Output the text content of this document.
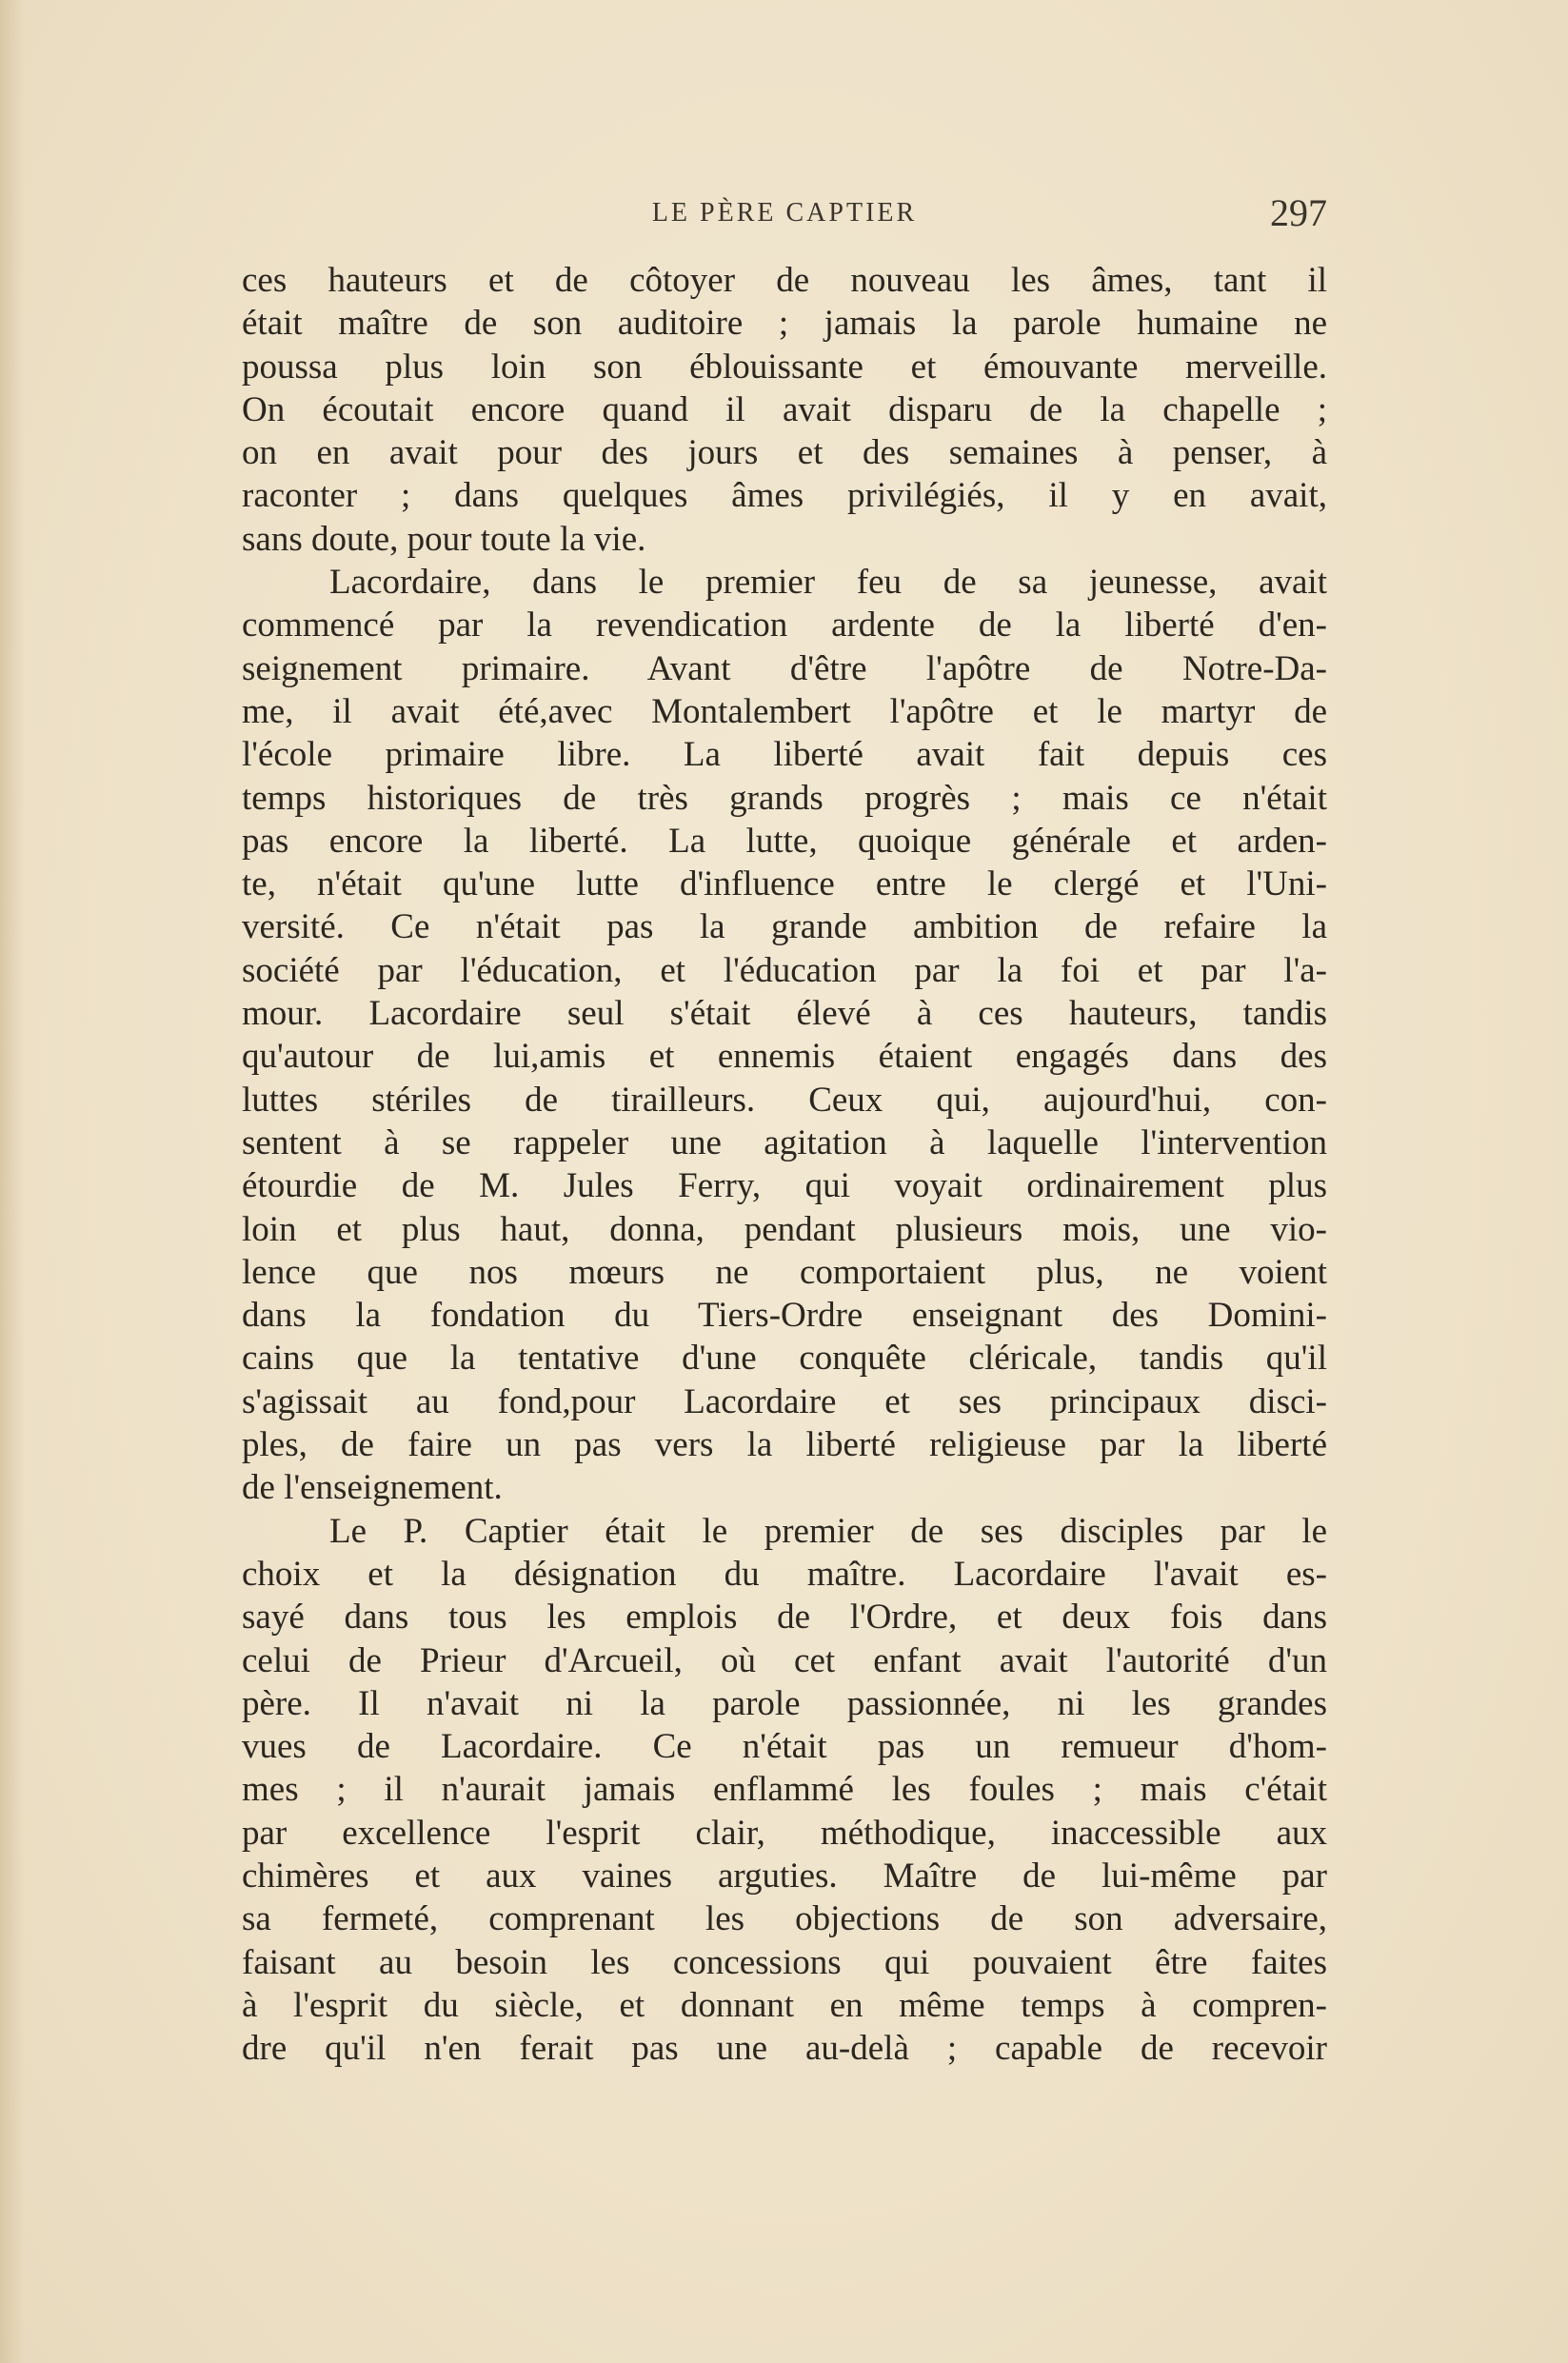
LE PÈRE CAPTIER	297
ces hauteurs et de côtoyer de nouveau les âmes, tant il
était maître de son auditoire ; jamais la parole humaine ne
poussa plus loin son éblouissante et émouvante merveille.
On écoutait encore quand il avait disparu de la chapelle ;
on en avait pour des jours et des semaines à penser, à
raconter ; dans quelques âmes privilégiés, il y en avait,
sans doute, pour toute la vie.
Lacordaire, dans le premier feu de sa jeunesse, avait
commencé par la revendication ardente de la liberté d'en-
seignement primaire. Avant d'être l'apôtre de Notre-Da-
me, il avait été,avec Montalembert l'apôtre et le martyr de
l'école primaire libre. La liberté avait fait depuis ces
temps historiques de très grands progrès ; mais ce n'était
pas encore la liberté. La lutte, quoique générale et arden-
te, n'était qu'une lutte d'influence entre le clergé et l'Uni-
versité. Ce n'était pas la grande ambition de refaire la
société par l'éducation, et l'éducation par la foi et par l'a-
mour. Lacordaire seul s'était élevé à ces hauteurs, tandis
qu'autour de lui,amis et ennemis étaient engagés dans des
luttes stériles de tirailleurs. Ceux qui, aujourd'hui, con-
sentent à se rappeler une agitation à laquelle l'intervention
étourdie de M. Jules Ferry, qui voyait ordinairement plus
loin et plus haut, donna, pendant plusieurs mois, une vio-
lence que nos mœurs ne comportaient plus, ne voient
dans la fondation du Tiers-Ordre enseignant des Domini-
cains que la tentative d'une conquête cléricale, tandis qu'il
s'agissait au fond,pour Lacordaire et ses principaux disci-
ples, de faire un pas vers la liberté religieuse par la liberté
de l'enseignement.
Le P. Captier était le premier de ses disciples par le
choix et la désignation du maître. Lacordaire l'avait es-
sayé dans tous les emplois de l'Ordre, et deux fois dans
celui de Prieur d'Arcueil, où cet enfant avait l'autorité d'un
père. Il n'avait ni la parole passionnée, ni les grandes
vues de Lacordaire. Ce n'était pas un remueur d'hom-
mes ; il n'aurait jamais enflammé les foules ; mais c'était
par excellence l'esprit clair, méthodique, inaccessible aux
chimères et aux vaines arguties. Maître de lui-même par
sa fermeté, comprenant les objections de son adversaire,
faisant au besoin les concessions qui pouvaient être faites
à l'esprit du siècle, et donnant en même temps à compren-
dre qu'il n'en ferait pas une au-delà ; capable de recevoir
